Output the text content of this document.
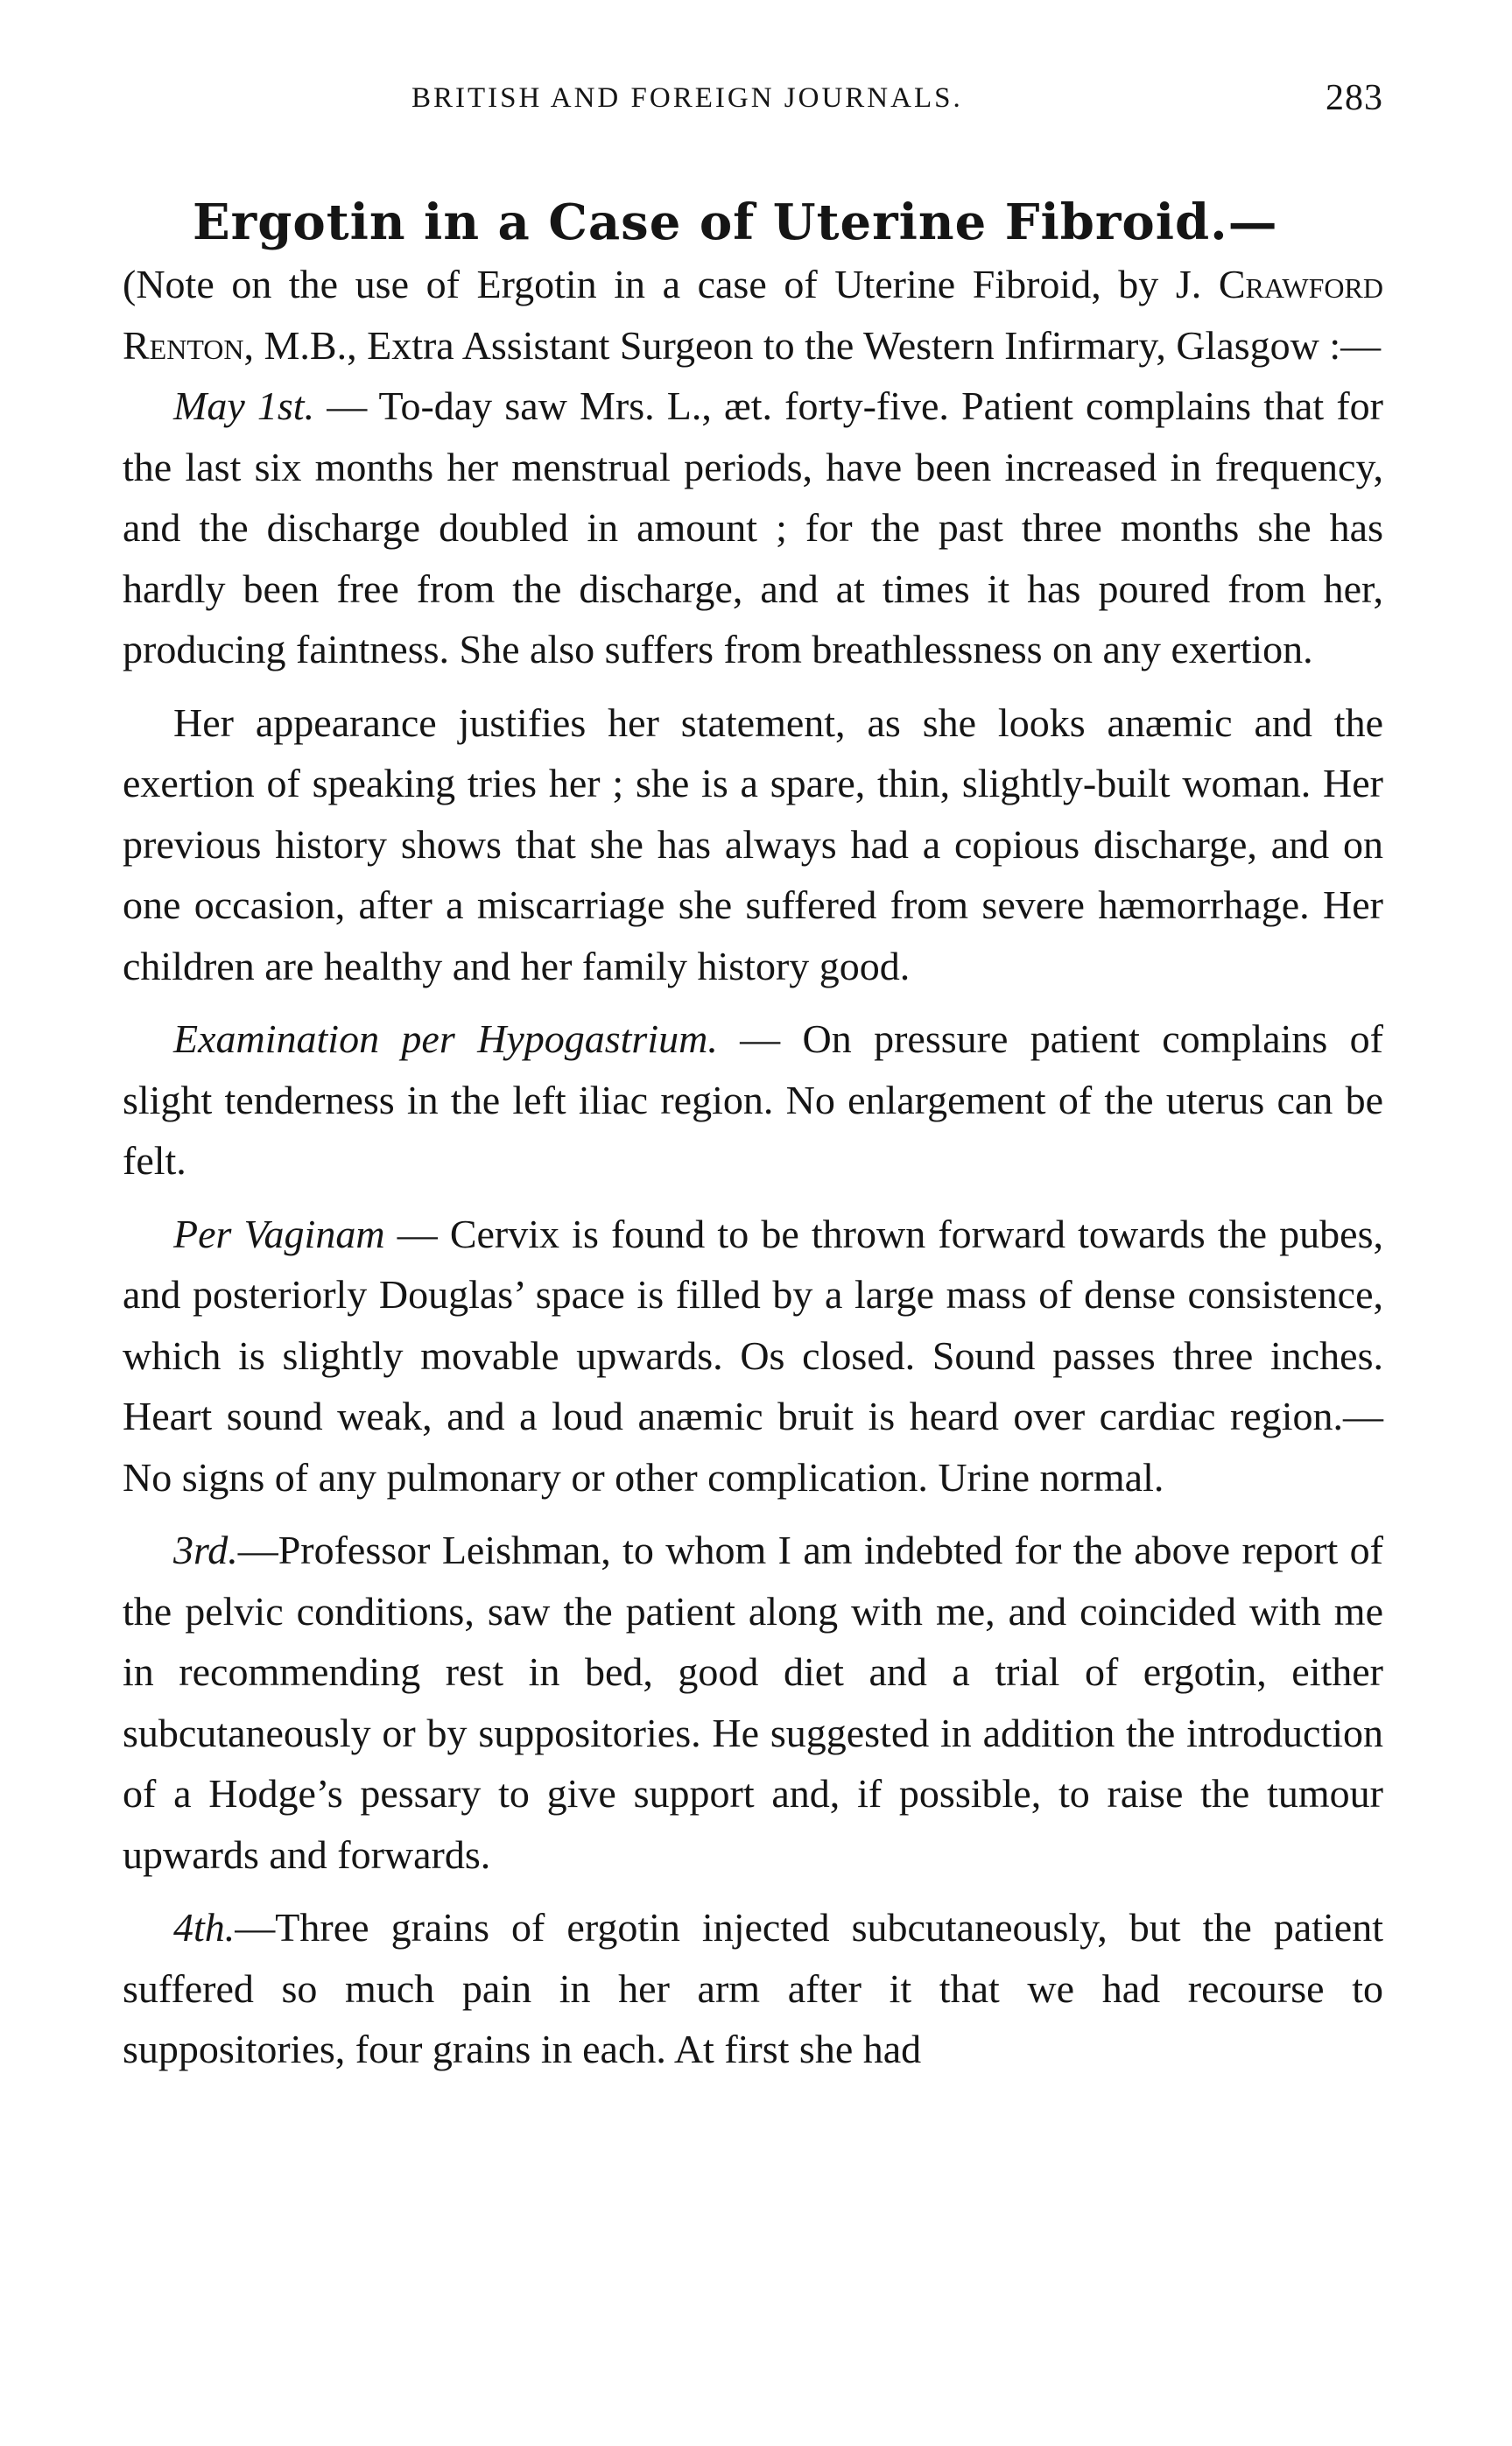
BRITISH AND FOREIGN JOURNALS.	283
Ergotin in a Case of Uterine Fibroid.—

(Note on the use of Ergotin in a case of Uterine Fibroid, by J. Crawford Renton, M.B., Extra Assistant Surgeon to the Western Infirmary, Glasgow :—

May 1st. — To-day saw Mrs. L., æt. forty-five. Patient complains that for the last six months her menstrual periods, have been increased in frequency, and the discharge doubled in amount ; for the past three months she has hardly been free from the discharge, and at times it has poured from her, producing faintness. She also suffers from breathlessness on any exertion.

Her appearance justifies her statement, as she looks anæmic and the exertion of speaking tries her ; she is a spare, thin, slightly-built woman. Her previous history shows that she has always had a copious discharge, and on one occasion, after a miscarriage she suffered from severe hæmorrhage. Her children are healthy and her family history good.

Examination per Hypogastrium. — On pressure patient complains of slight tenderness in the left iliac region. No enlargement of the uterus can be felt.

Per Vaginam — Cervix is found to be thrown forward towards the pubes, and posteriorly Douglas’ space is filled by a large mass of dense consistence, which is slightly movable upwards. Os closed. Sound passes three inches. Heart sound weak, and a loud anæmic bruit is heard over cardiac region.— No signs of any pulmonary or other complication. Urine normal.

3rd.—Professor Leishman, to whom I am indebted for the above report of the pelvic conditions, saw the patient along with me, and coincided with me in recommending rest in bed, good diet and a trial of ergotin, either subcutaneously or by suppositories. He suggested in addition the introduction of a Hodge’s pessary to give support and, if possible, to raise the tumour upwards and forwards.

4th.—Three grains of ergotin injected subcutaneously, but the patient suffered so much pain in her arm after it that we had recourse to suppositories, four grains in each. At first she had
